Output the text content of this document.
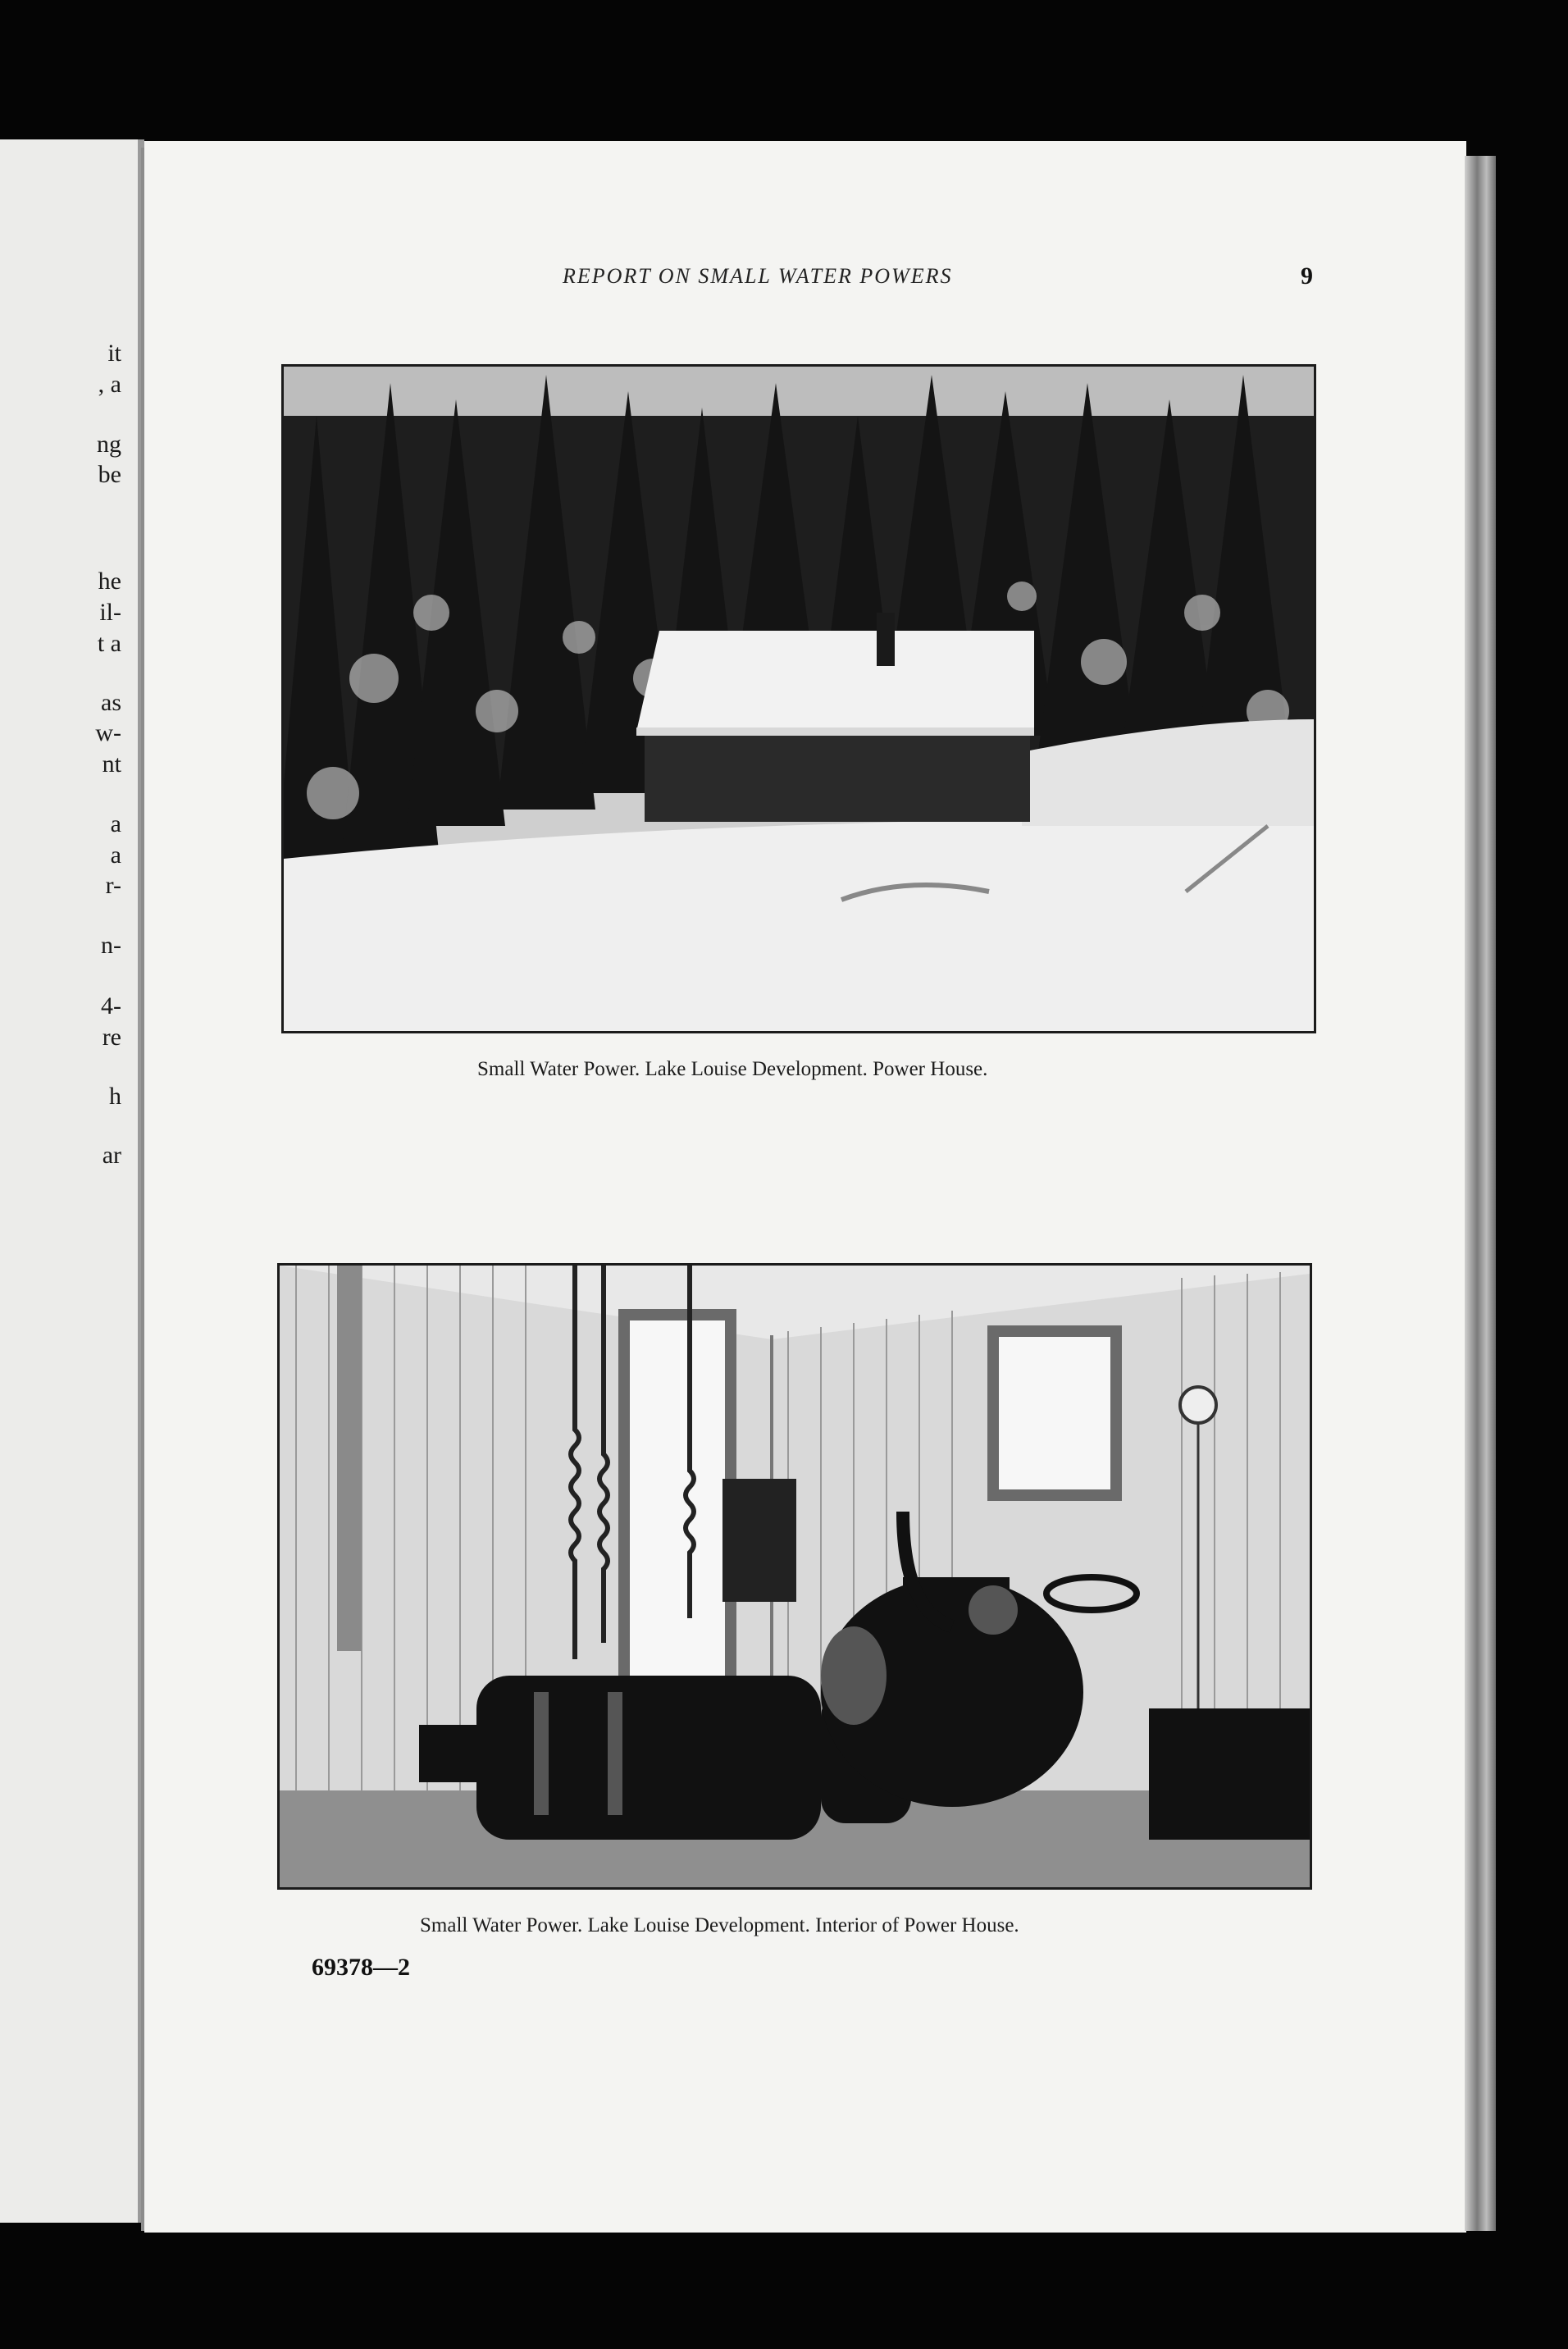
it
, a
ng
be
he
il-
t a
as
w-
nt
a
a
r-
n-
4-
re
h
ar
REPORT ON SMALL WATER POWERS	9
Small Water Power. Lake Louise Development. Power House.
Small Water Power. Lake Louise Development. Interior of Power House.
69378—2
